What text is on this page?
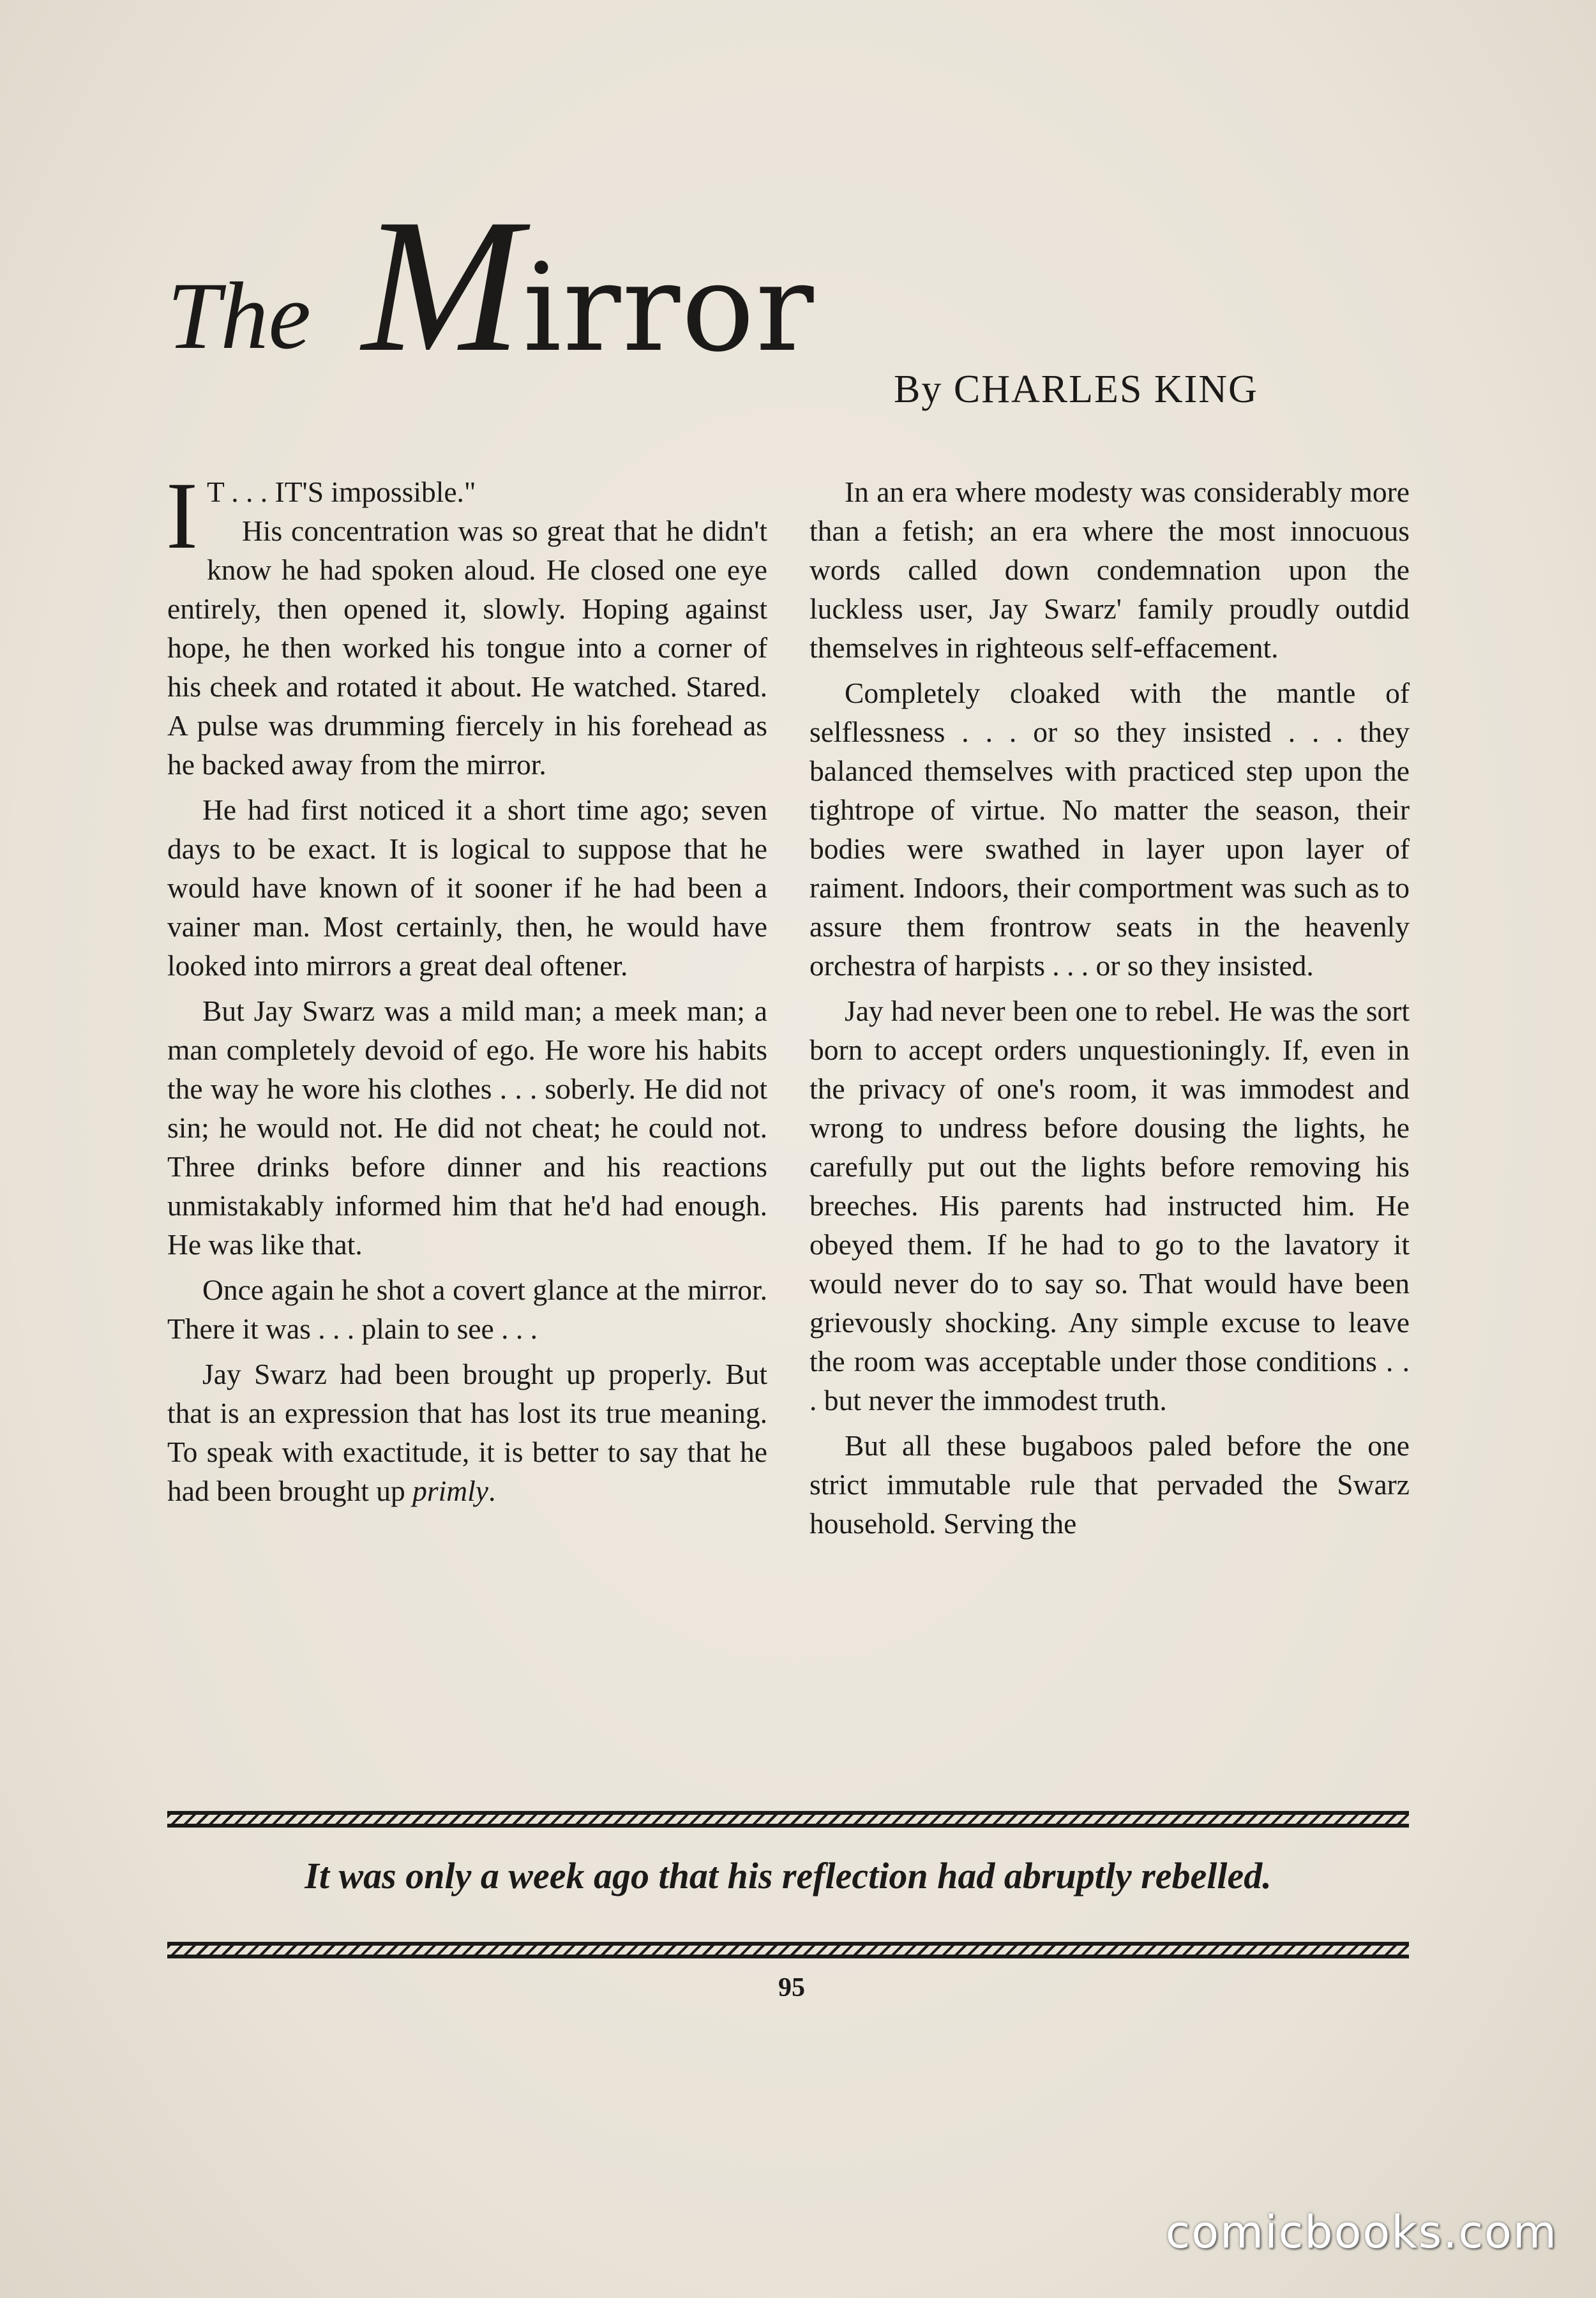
The Mirror
By CHARLES KING

I T . . . IT'S impossible."
His concentration was so great that he didn't know he had spoken aloud. He closed one eye entirely, then opened it, slowly. Hoping against hope, he then worked his tongue into a corner of his cheek and rotated it about. He watched. Stared. A pulse was drumming fiercely in his forehead as he backed away from the mirror.

He had first noticed it a short time ago; seven days to be exact. It is logical to suppose that he would have known of it sooner if he had been a vainer man. Most certainly, then, he would have looked into mirrors a great deal oftener.

But Jay Swarz was a mild man; a meek man; a man completely devoid of ego. He wore his habits the way he wore his clothes . . . soberly. He did not sin; he would not. He did not cheat; he could not. Three drinks before dinner and his reactions unmistakably informed him that he'd had enough. He was like that.

Once again he shot a covert glance at the mirror. There it was . . . plain to see . . .

Jay Swarz had been brought up properly. But that is an expression that has lost its true meaning. To speak with exactitude, it is better to say that he had been brought up primly.

In an era where modesty was considerably more than a fetish; an era where the most innocuous words called down condemnation upon the luckless user, Jay Swarz' family proudly outdid themselves in righteous self-effacement.

Completely cloaked with the mantle of selflessness . . . or so they insisted . . . they balanced themselves with practiced step upon the tightrope of virtue. No matter the season, their bodies were swathed in layer upon layer of raiment. Indoors, their comportment was such as to assure them frontrow seats in the heavenly orchestra of harpists . . . or so they insisted.

Jay had never been one to rebel. He was the sort born to accept orders unquestioningly. If, even in the privacy of one's room, it was immodest and wrong to undress before dousing the lights, he carefully put out the lights before removing his breeches. His parents had instructed him. He obeyed them. If he had to go to the lavatory it would never do to say so. That would have been grievously shocking. Any simple excuse to leave the room was acceptable under those conditions . . . but never the immodest truth.

But all these bugaboos paled before the one strict immutable rule that pervaded the Swarz household. Serving the

It was only a week ago that his reflection had abruptly rebelled.
95
comicbooks.com
